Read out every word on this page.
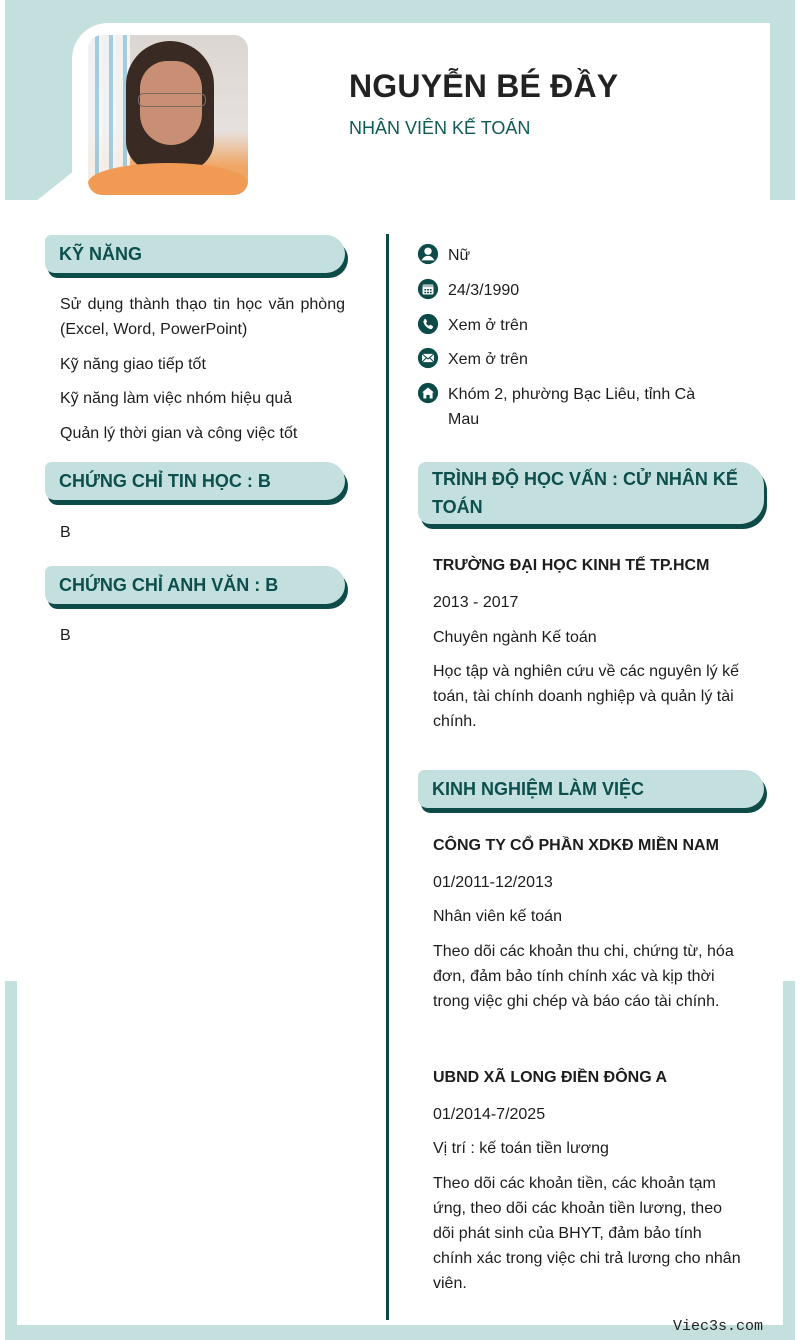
NGUYỄN BÉ ĐẦY
NHÂN VIÊN KẾ TOÁN
KỸ NĂNG
Sử dụng thành thạo tin học văn phòng (Excel, Word, PowerPoint)
Kỹ năng giao tiếp tốt
Kỹ năng làm việc nhóm hiệu quả
Quản lý thời gian và công việc tốt
CHỨNG CHỈ TIN HỌC : B
B
CHỨNG CHỈ ANH VĂN : B
B
Nữ
24/3/1990
Xem ở trên
Xem ở trên
Khóm 2, phường Bạc Liêu, tỉnh Cà Mau
TRÌNH ĐỘ HỌC VẤN : CỬ NHÂN KẾ TOÁN
TRƯỜNG ĐẠI HỌC KINH TẾ TP.HCM
2013 - 2017
Chuyên ngành Kế toán
Học tập và nghiên cứu về các nguyên lý kế toán, tài chính doanh nghiệp và quản lý tài chính.
KINH NGHIỆM LÀM VIỆC
CÔNG TY CỔ PHẦN XDKĐ MIỀN NAM
01/2011-12/2013
Nhân viên kế toán
Theo dõi các khoản thu chi, chứng từ, hóa đơn, đảm bảo tính chính xác và kịp thời trong việc ghi chép và báo cáo tài chính.
UBND XÃ LONG ĐIỀN ĐÔNG A
01/2014-7/2025
Vị trí : kế toán tiền lương
Theo dõi các khoản tiền, các khoản tạm ứng, theo dõi các khoản tiền lương, theo dõi phát sinh của BHYT, đảm bảo tính chính xác trong việc chi trả lương cho nhân viên.
Viec3s.com
